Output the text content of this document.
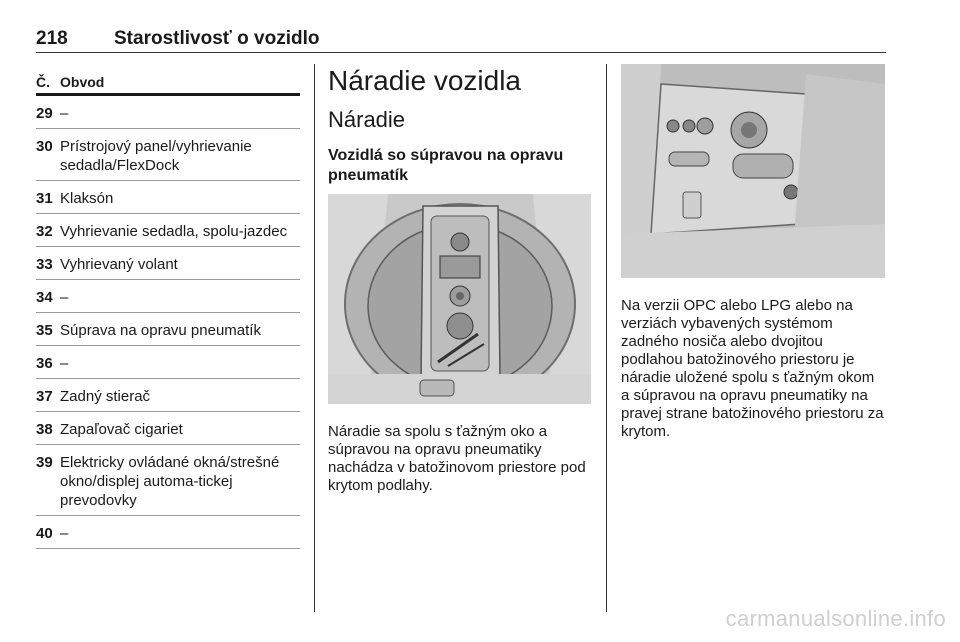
218 Starostlivosť o vozidlo
Č. Obvod
29 –
30 Prístrojový panel/vyhrievanie sedadla/FlexDock
31 Klaksón
32 Vyhrievanie sedadla, spolu-jazdec
33 Vyhrievaný volant
34 –
35 Súprava na opravu pneumatík
36 –
37 Zadný stierač
38 Zapaľovač cigariet
39 Elektricky ovládané okná/strešné okno/displej automa-tickej prevodovky
40 –
Náradie vozidla
Náradie
Vozidlá so súpravou na opravu pneumatík

Náradie sa spolu s ťažným oko a súpravou na opravu pneumatiky nachádza v batožinovom priestore pod krytom podlahy.

Na verzii OPC alebo LPG alebo na verziách vybavených systémom zadného nosiča alebo dvojitou podlahou batožinového priestoru je náradie uložené spolu s ťažným okom a súpravou na opravu pneumatiky na pravej strane batožinového priestoru za krytom.

carmanualsonline.info
